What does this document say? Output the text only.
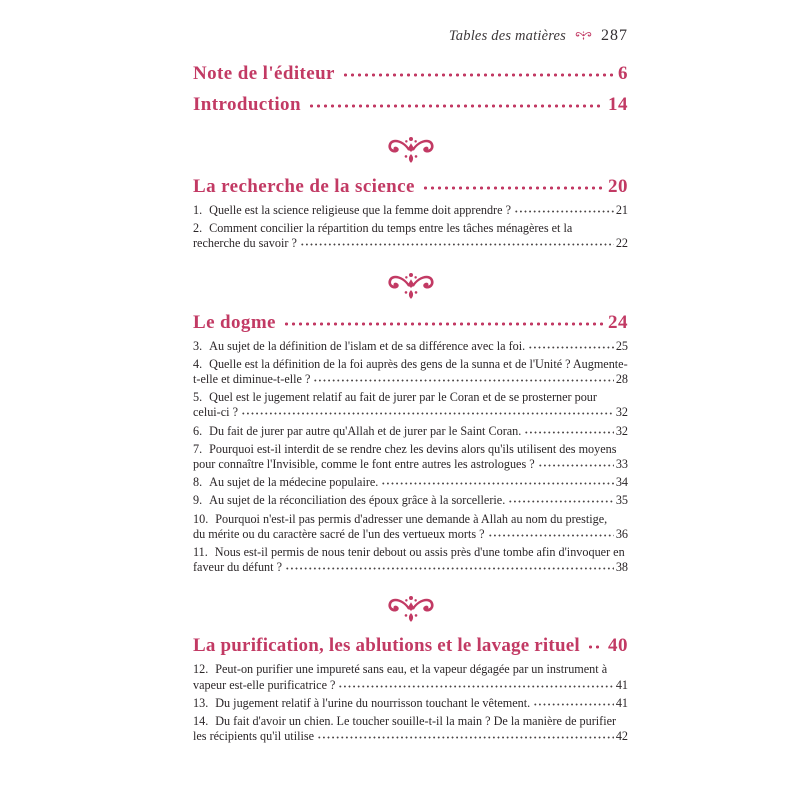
Tables des matières 287
Note de l'éditeur	6
Introduction	14
La recherche de la science	20
1. Quelle est la science religieuse que la femme doit apprendre ?	21
2. Comment concilier la répartition du temps entre les tâches ménagères et la
recherche du savoir ?	22
Le dogme	24
3. Au sujet de la définition de l'islam et de sa différence avec la foi.	25
4. Quelle est la définition de la foi auprès des gens de la sunna et de l'Unité ? Augmente-
t-elle et diminue-t-elle ?	28
5. Quel est le jugement relatif au fait de jurer par le Coran et de se prosterner pour
celui-ci ?	32
6. Du fait de jurer par autre qu'Allah et de jurer par le Saint Coran.	32
7. Pourquoi est-il interdit de se rendre chez les devins alors qu'ils utilisent des moyens
pour connaître l'Invisible, comme le font entre autres les astrologues ?	33
8. Au sujet de la médecine populaire.	34
9. Au sujet de la réconciliation des époux grâce à la sorcellerie.	35
10. Pourquoi n'est-il pas permis d'adresser une demande à Allah au nom du prestige,
du mérite ou du caractère sacré de l'un des vertueux morts ?	36
11. Nous est-il permis de nous tenir debout ou assis près d'une tombe afin d'invoquer en
faveur du défunt ?	38
La purification, les ablutions et le lavage rituel 40
12. Peut-on purifier une impureté sans eau, et la vapeur dégagée par un instrument à
vapeur est-elle purificatrice ?	41
13. Du jugement relatif à l'urine du nourrisson touchant le vêtement.	41
14. Du fait d'avoir un chien. Le toucher souille-t-il la main ? De la manière de purifier
les récipients qu'il utilise	42
